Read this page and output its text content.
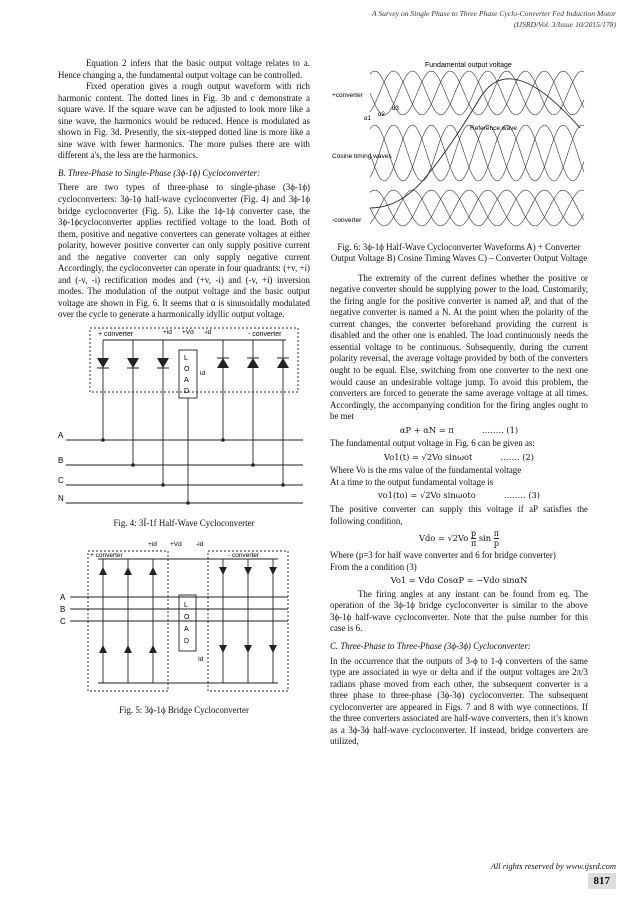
A Survey on Single Phase to Three Phase Cyclo-Converter Fed Induction Motor
(IJSRD/Vol. 3/Issue 10/2015/178)

Equation 2 infers that the basic output voltage relates to a. Hence changing a, the fundamental output voltage can be controlled.

Fixed operation gives a rough output waveform with rich harmonic content. The dotted lines in Fig. 3b and c demonstrate a square wave. If the square wave can be adjusted to look more like a sine wave, the harmonics would be reduced. Hence is modulated as shown in Fig. 3d. Presently, the six-stepped dotted line is more like a sine wave with fewer harmonics. The more pulses there are with different a's, the less are the harmonics.

B. Three-Phase to Single-Phase (3ϕ-1ϕ) Cycloconverter:

There are two types of three-phase to single-phase (3ϕ-1ϕ) cycloconverters: 3ϕ-1ϕ half-wave cycloconverter (Fig. 4) and 3ϕ-1ϕ bridge cycloconverter (Fig. 5). Like the 1ϕ-1ϕ converter case, the 3ϕ-1ϕcycloconverter applies rectified voltage to the load. Both of them, positive and negative converters can generate voltages at either polarity, however positive converter can only supply positive current and the negative converter can only supply negative current Accordingly, the cycloconverter can operate in four quadrants: (+v, +i) and (-v, -i) rectification modes and (+v, -i) and (-v, +i) inversion modes. The modulation of the output voltage and the basic output voltage are shown in Fig. 6. It seems that α is sinusoidally modulated over the cycle to generate a harmonically idyllic output voltage.

+ converter	- converter
+id +Vd -id
L
O
A
D
id
A
B
C
N

Fig. 4: 3Ï-1f Half-Wave Cycloconverter

+id +Vd -id
+ converter	- converter
L
O
A
D
Id
A
B
C

Fig. 5: 3ϕ-1ϕ Bridge Cycloconverter

Fundamental output voltage
+converter
-converter
Reference wave
Cosine timing waves
α1
α2
α3

Fig. 6: 3ϕ-1ϕ Half-Wave Cycloconverter Waveforms A) + Converter Output Voltage B) Cosine Timing Waves C) – Converter Output Voltage

The extremity of the current defines whether the positive or negative converter should be supplying power to the load. Customarily, the firing angle for the positive converter is named aP, and that of the negative converter is named a N. At the point when the polarity of the current changes, the converter beforehand providing the current is disabled and the other one is enabled. The load continuously needs the essential voltage to be continuous. Subsequently, during the current polarity reversal, the average voltage provided by both of the converters ought to be equal. Else, switching from one converter to the next one would cause an undesirable voltage jump. To avoid this problem, the converters are forced to generate the same average voltage at all times. Accordingly, the accompanying condition for the firing angles ought to be met

αP + αN = π	…….. (1)

The fundamental output voltage in Fig. 6 can be given as:

Vo1(t) = √2Vo sinωot	……. (2)

Where Vo is the rms value of the fundamental voltage

At a time to the output fundamental voltage is

vo1(to) = √2Vo sinωoto	…….. (3)

The positive converter can supply this voltage if aP satisfies the following condition,

Vdo = $√2Vo \frac{p}{\pi}$ $\sin \frac{\pi}{p}$

Where (p=3 for half wave converter and 6 for bridge converter)

From the a condition (3)

Vo1 = Vdo CosαP = −Vdo sinαN

The firing angles at any instant can be found from eq. The operation of the 3ϕ-1ϕ bridge cycloconverter is similar to the above 3ϕ-1ϕ half-wave cycloconverter. Note that the pulse number for this case is 6.

C. Three-Phase to Three-Phase (3ϕ-3ϕ) Cycloconverter:

In the occurrence that the outputs of 3-ϕ to 1-ϕ converters of the same type are associated in wye or delta and if the output voltages are 2π/3 radians phase moved from each other, the subsequent converter is a three phase to three-phase (3ϕ-3ϕ) cycloconverter. The subsequent cycloconverter are appeared in Figs. 7 and 8 with wye connections. If the three converters associated are half-wave converters, then it’s known as a 3ϕ-3ϕ half-wave cycloconverter. If instead, bridge converters are utilized,

All rights reserved by www.ijsrd.com
817
